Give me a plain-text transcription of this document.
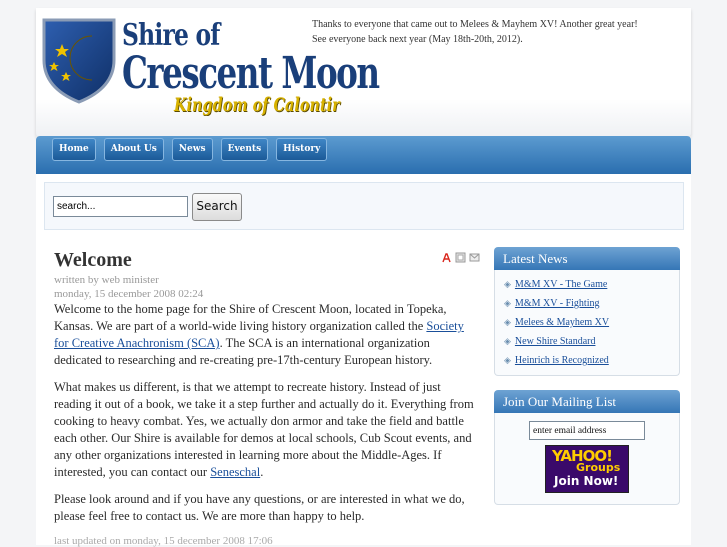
Shire of
Crescent Moon
Kingdom of Calontir

Thanks to everyone that came out to Melees & Mayhem XV! Another great year!

See everyone back next year (May 18th-20th, 2012).

Home	About Us	News	Events	History
search...
Search
Welcome
written by web minister
monday, 15 december 2008 02:24

Welcome to the home page for the Shire of Crescent Moon, located in Topeka, Kansas. We are part of a world-wide living history organization called the Society for Creative Anachronism (SCA). The SCA is an international organization dedicated to researching and re-creating pre-17th-century European history.

What makes us different, is that we attempt to recreate history. Instead of just reading it out of a book, we take it a step further and actually do it. Everything from cooking to heavy combat. Yes, we actually don armor and take the field and battle each other. Our Shire is available for demos at local schools, Cub Scout events, and any other organizations interested in learning more about the Middle-Ages. If interested, you can contact our Seneschal.

Please look around and if you have any questions, or are interested in what we do, please feel free to contact us. We are more than happy to help.

last updated on monday, 15 december 2008 17:06
Latest News
◈ M&M XV - The Game
◈ M&M XV - Fighting
◈ Melees & Mayhem XV
◈ New Shire Standard
◈ Heinrich is Recognized
Join Our Mailing List
enter email address
YAHOO!
Groups
Join Now!
